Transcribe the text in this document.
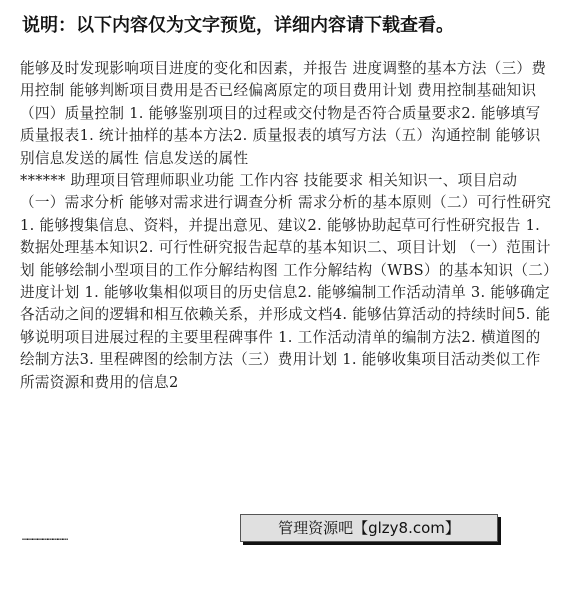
说明：以下内容仅为文字预览，详细内容请下载查看。

能够及时发现影响项目进度的变化和因素，并报告 进度调整的基本方法（三）费用控制 能够判断项目费用是否已经偏离原定的项目费用计划 费用控制基础知识（四）质量控制 1. 能够鉴别项目的过程或交付物是否符合质量要求2. 能够填写质量报表1. 统计抽样的基本方法2. 质量报表的填写方法（五）沟通控制 能够识别信息发送的属性 信息发送的属性

****** 助理项目管理师职业功能 工作内容 技能要求 相关知识一、项目启动 （一）需求分析 能够对需求进行调查分析 需求分析的基本原则（二）可行性研究 1. 能够搜集信息、资料，并提出意见、建议2. 能够协助起草可行性研究报告 1. 数据处理基本知识2. 可行性研究报告起草的基本知识二、项目计划 （一）范围计划 能够绘制小型项目的工作分解结构图 工作分解结构（WBS）的基本知识（二）进度计划 1. 能够收集相似项目的历史信息2. 能够编制工作活动清单 3. 能够确定各活动之间的逻辑和相互依赖关系，并形成文档4. 能够估算活动的持续时间5. 能够说明项目进展过程的主要里程碑事件 1. 工作活动清单的编制方法2. 横道图的绘制方法3. 里程碑图的绘制方法（三）费用计划 1. 能够收集项目活动类似工作所需资源和费用的信息2

管理资源吧【glzy8.com】
………………………
